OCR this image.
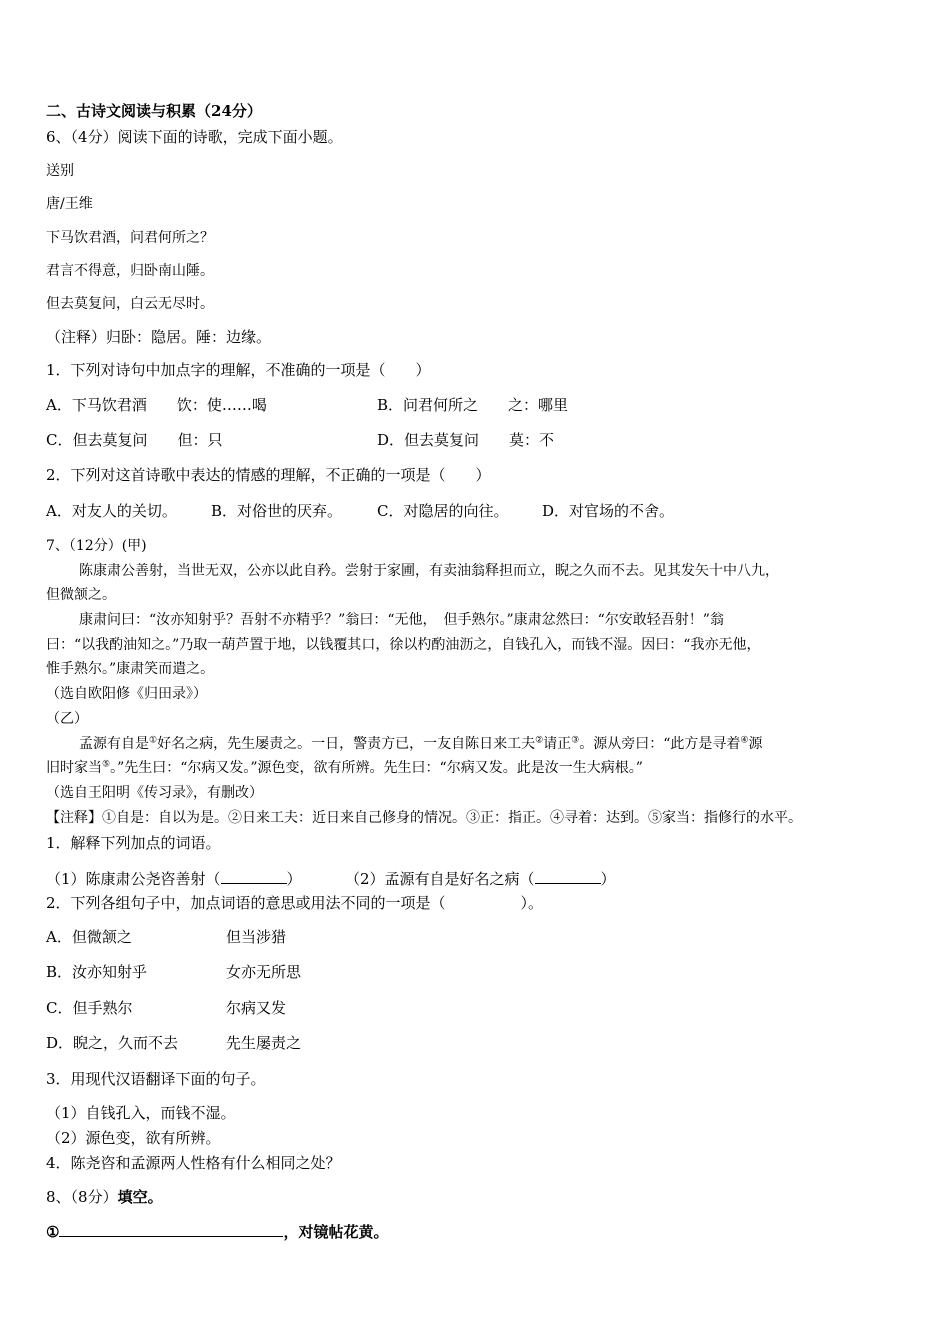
二、古诗文阅读与积累（24分）
6、（4分）阅读下面的诗歌，完成下面小题。
送别
唐/王维
下马饮君酒，问君何所之？
君言不得意，归卧南山陲。
但去莫复问，白云无尽时。
（注释）归卧：隐居。陲：边缘。
1．下列对诗句中加点字的理解，不准确的一项是（　　）
A．下马饮君酒　　饮：使……喝	B．问君何所之　　之：哪里
C．但去莫复问　　但：只	D．但去莫复问　　莫：不
2．下列对这首诗歌中表达的情感的理解，不正确的一项是（　　）
A．对友人的关切。 B．对俗世的厌弃。 C．对隐居的向往。 D．对官场的不舍。
7、（12分）(甲)
陈康肃公善射，当世无双，公亦以此自矜。尝射于家圃，有卖油翁释担而立，睨之久而不去。见其发矢十中八九，
但微颔之。
康肃问曰：“汝亦知射乎？吾射不亦精乎？”翁曰：“无他，　但手熟尔。”康肃忿然曰：“尔安敢轻吾射！”翁
曰：“以我酌油知之。”乃取一葫芦置于地，以钱覆其口，徐以杓酌油沥之，自钱孔入，而钱不湿。因曰：“我亦无他，
惟手熟尔。”康肃笑而遣之。
（选自欧阳修《归田录》）
（乙）
孟源有自是①好名之病，先生屡责之。一日，警责方已，一友自陈日来工夫②请正③。源从旁曰：“此方是寻着④源
旧时家当⑤。”先生曰：“尔病又发。”源色变，欲有所辨。先生曰：“尔病又发。此是汝一生大病根。”
（选自王阳明《传习录》，有删改）
【注释】①自是：自以为是。②日来工夫：近日来自己修身的情况。③正：指正。④寻着：达到。⑤家当：指修行的水平。
1．解释下列加点的词语。
（1）陈康肃公尧咨善射（	）	（2）孟源有自是好名之病（	）
2．下列各组句子中，加点词语的意思或用法不同的一项是（　　　　　）。
A．但微颔之	但当涉猎
B．汝亦知射乎	女亦无所思
C．但手熟尔	尔病又发
D．睨之，久而不去	先生屡责之
3．用现代汉语翻译下面的句子。
（1）自钱孔入，而钱不湿。
（2）源色变，欲有所辨。
4．陈尧咨和孟源两人性格有什么相同之处？
8、（8分）填空。
①	，对镜帖花黄。
